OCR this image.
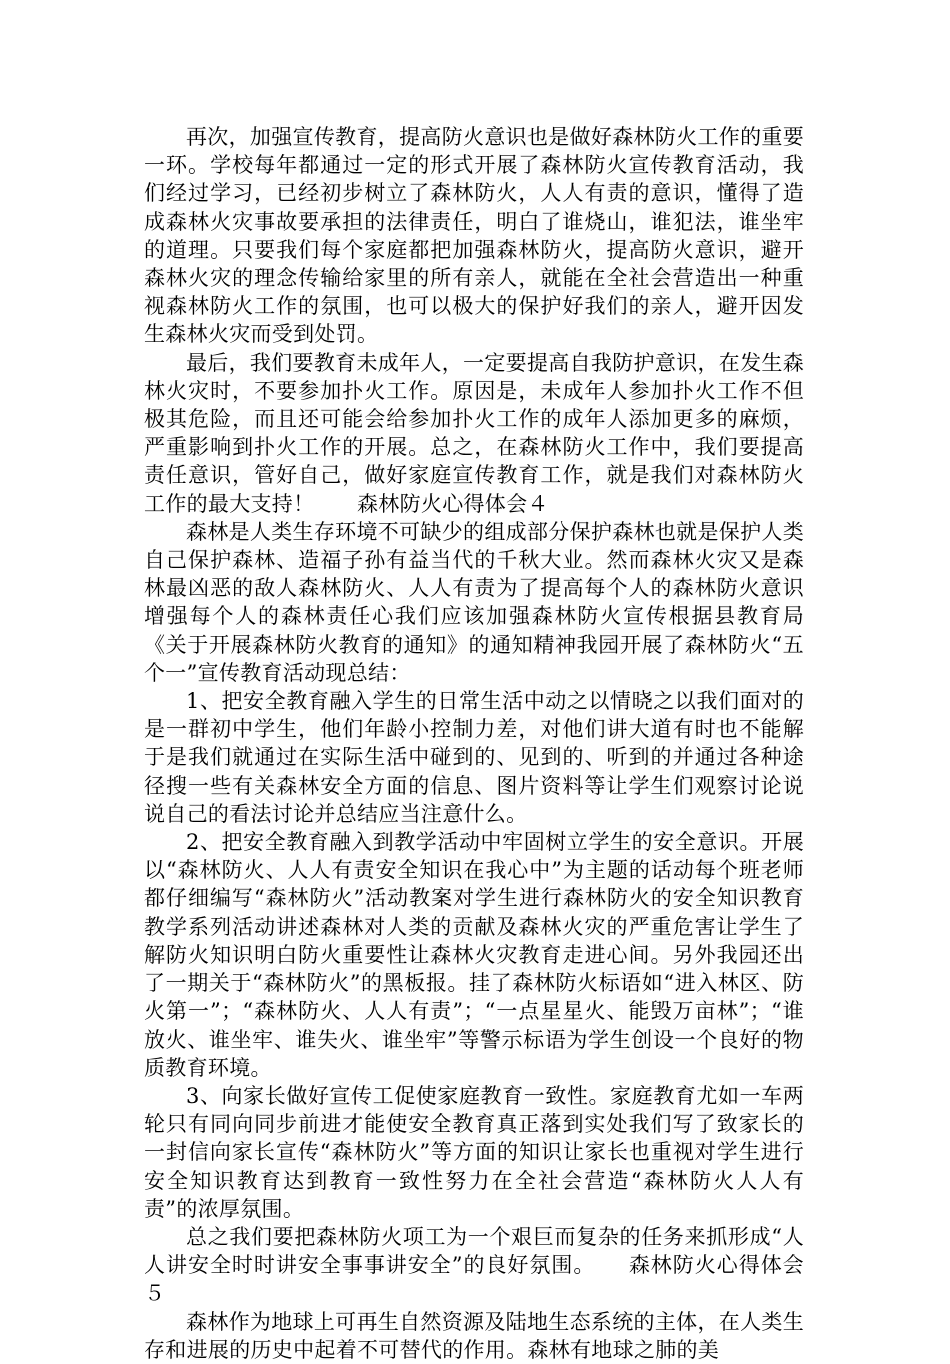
再次，加强宣传教育，提高防火意识也是做好森林防火工作的重要一环。学校每年都通过一定的形式开展了森林防火宣传教育活动，我们经过学习，已经初步树立了森林防火，人人有责的意识，懂得了造成森林火灾事故要承担的法律责任，明白了谁烧山，谁犯法，谁坐牢的道理。只要我们每个家庭都把加强森林防火，提高防火意识，避开森林火灾的理念传输给家里的所有亲人，就能在全社会营造出一种重视森林防火工作的氛围，也可以极大的保护好我们的亲人，避开因发生森林火灾而受到处罚。

最后，我们要教育未成年人，一定要提高自我防护意识，在发生森林火灾时，不要参加扑火工作。原因是，未成年人参加扑火工作不但极其危险，而且还可能会给参加扑火工作的成年人添加更多的麻烦，严重影响到扑火工作的开展。总之，在森林防火工作中，我们要提高责任意识，管好自己，做好家庭宣传教育工作，就是我们对森林防火工作的最大支持！　　森林防火心得体会４

森林是人类生存环境不可缺少的组成部分保护森林也就是保护人类自己保护森林、造福子孙有益当代的千秋大业。然而森林火灾又是森林最凶恶的敌人森林防火、人人有责为了提高每个人的森林防火意识增强每个人的森林责任心我们应该加强森林防火宣传根据县教育局《关于开展森林防火教育的通知》的通知精神我园开展了森林防火“五个一”宣传教育活动现总结：

1、把安全教育融入学生的日常生活中动之以情晓之以我们面对的是一群初中学生，他们年龄小控制力差，对他们讲大道有时也不能解于是我们就通过在实际生活中碰到的、见到的、听到的并通过各种途径搜一些有关森林安全方面的信息、图片资料等让学生们观察讨论说说自己的看法讨论并总结应当注意什么。

2、把安全教育融入到教学活动中牢固树立学生的安全意识。开展以“森林防火、人人有责安全知识在我心中”为主题的话动每个班老师都仔细编写“森林防火”活动教案对学生进行森林防火的安全知识教育教学系列活动讲述森林对人类的贡献及森林火灾的严重危害让学生了解防火知识明白防火重要性让森林火灾教育走进心间。另外我园还出了一期关于“森林防火”的黑板报。挂了森林防火标语如“进入林区、防火第一”；“森林防火、人人有责”；“一点星星火、能毁万亩林”；“谁放火、谁坐牢、谁失火、谁坐牢”等警示标语为学生创设一个良好的物质教育环境。

3、向家长做好宣传工促使家庭教育一致性。家庭教育尤如一车两轮只有同向同步前进才能使安全教育真正落到实处我们写了致家长的一封信向家长宣传“森林防火”等方面的知识让家长也重视对学生进行安全知识教育达到教育一致性努力在全社会营造“森林防火人人有责”的浓厚氛围。

总之我们要把森林防火项工为一个艰巨而复杂的任务来抓形成“人人讲安全时时讲安全事事讲安全”的良好氛围。　　森林防火心得体会５

森林作为地球上可再生自然资源及陆地生态系统的主体，在人类生存和进展的历史中起着不可替代的作用。森林有地球之肺的美
